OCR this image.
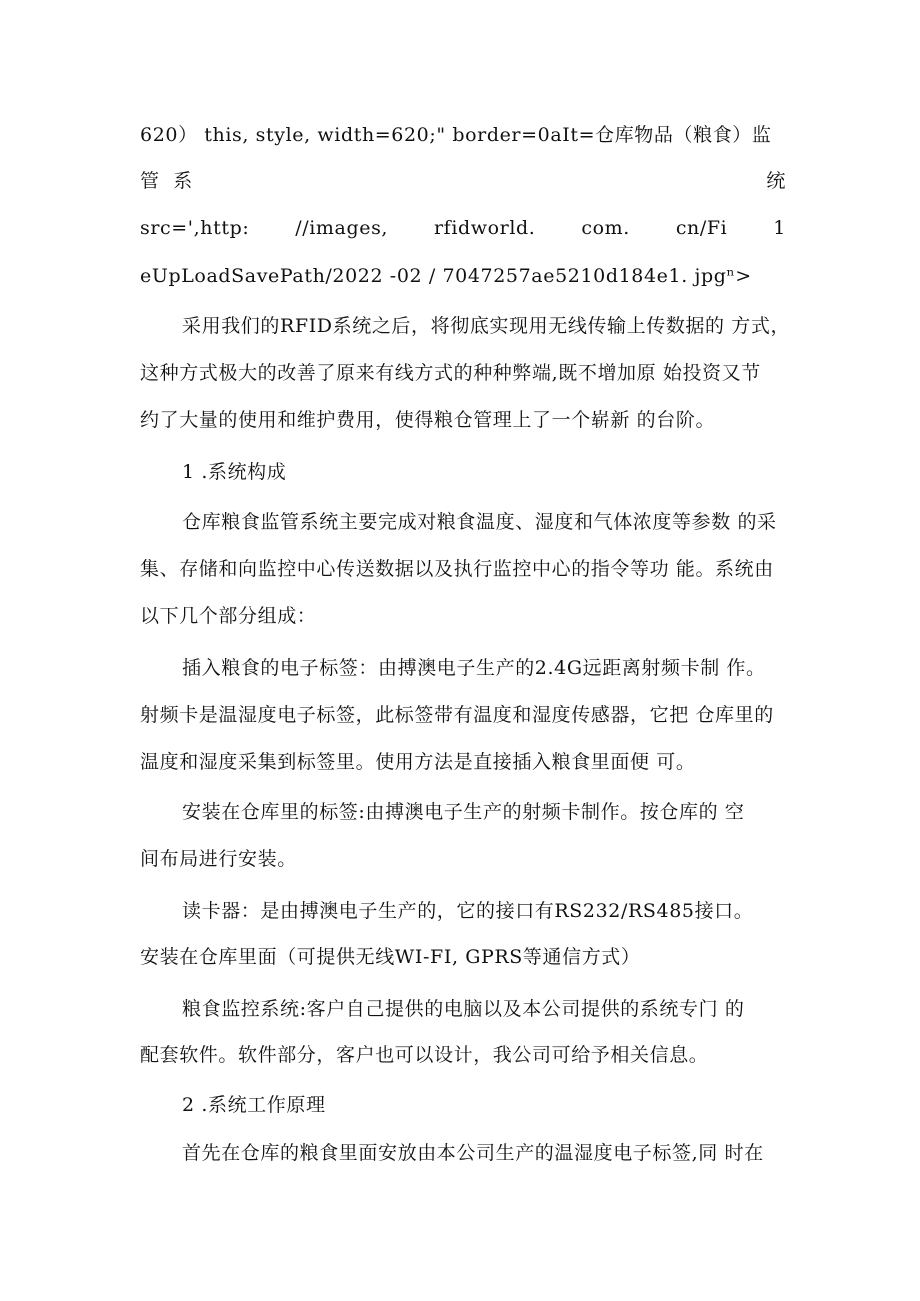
620） this, style, width=620;" border=0aIt=仓库物品（粮食）监
管 系	统
src=',http: //images, rfidworld. com. cn/Fi 1
eUpLoadSavePath/2022 -02 / 7047257ae5210d184e1. jpgⁿ>
采用我们的RFID系统之后，将彻底实现用无线传输上传数据的 方式，
这种方式极大的改善了原来有线方式的种种弊端,既不增加原 始投资又节
约了大量的使用和维护费用，使得粮仓管理上了一个崭新 的台阶。
1 .系统构成
仓库粮食监管系统主要完成对粮食温度、湿度和气体浓度等参数 的采
集、存储和向监控中心传送数据以及执行监控中心的指令等功 能。系统由
以下几个部分组成：
插入粮食的电子标签：由搏澳电子生产的2.4G远距离射频卡制 作。
射频卡是温湿度电子标签，此标签带有温度和湿度传感器，它把 仓库里的
温度和湿度采集到标签里。使用方法是直接插入粮食里面便 可。
安装在仓库里的标签:由搏澳电子生产的射频卡制作。按仓库的 空
间布局进行安装。
读卡器：是由搏澳电子生产的，它的接口有RS232/RS485接口。
安装在仓库里面（可提供无线WI-FI, GPRS等通信方式）
粮食监控系统:客户自己提供的电脑以及本公司提供的系统专门 的
配套软件。软件部分，客户也可以设计，我公司可给予相关信息。
2 .系统工作原理
首先在仓库的粮食里面安放由本公司生产的温湿度电子标签,同 时在
